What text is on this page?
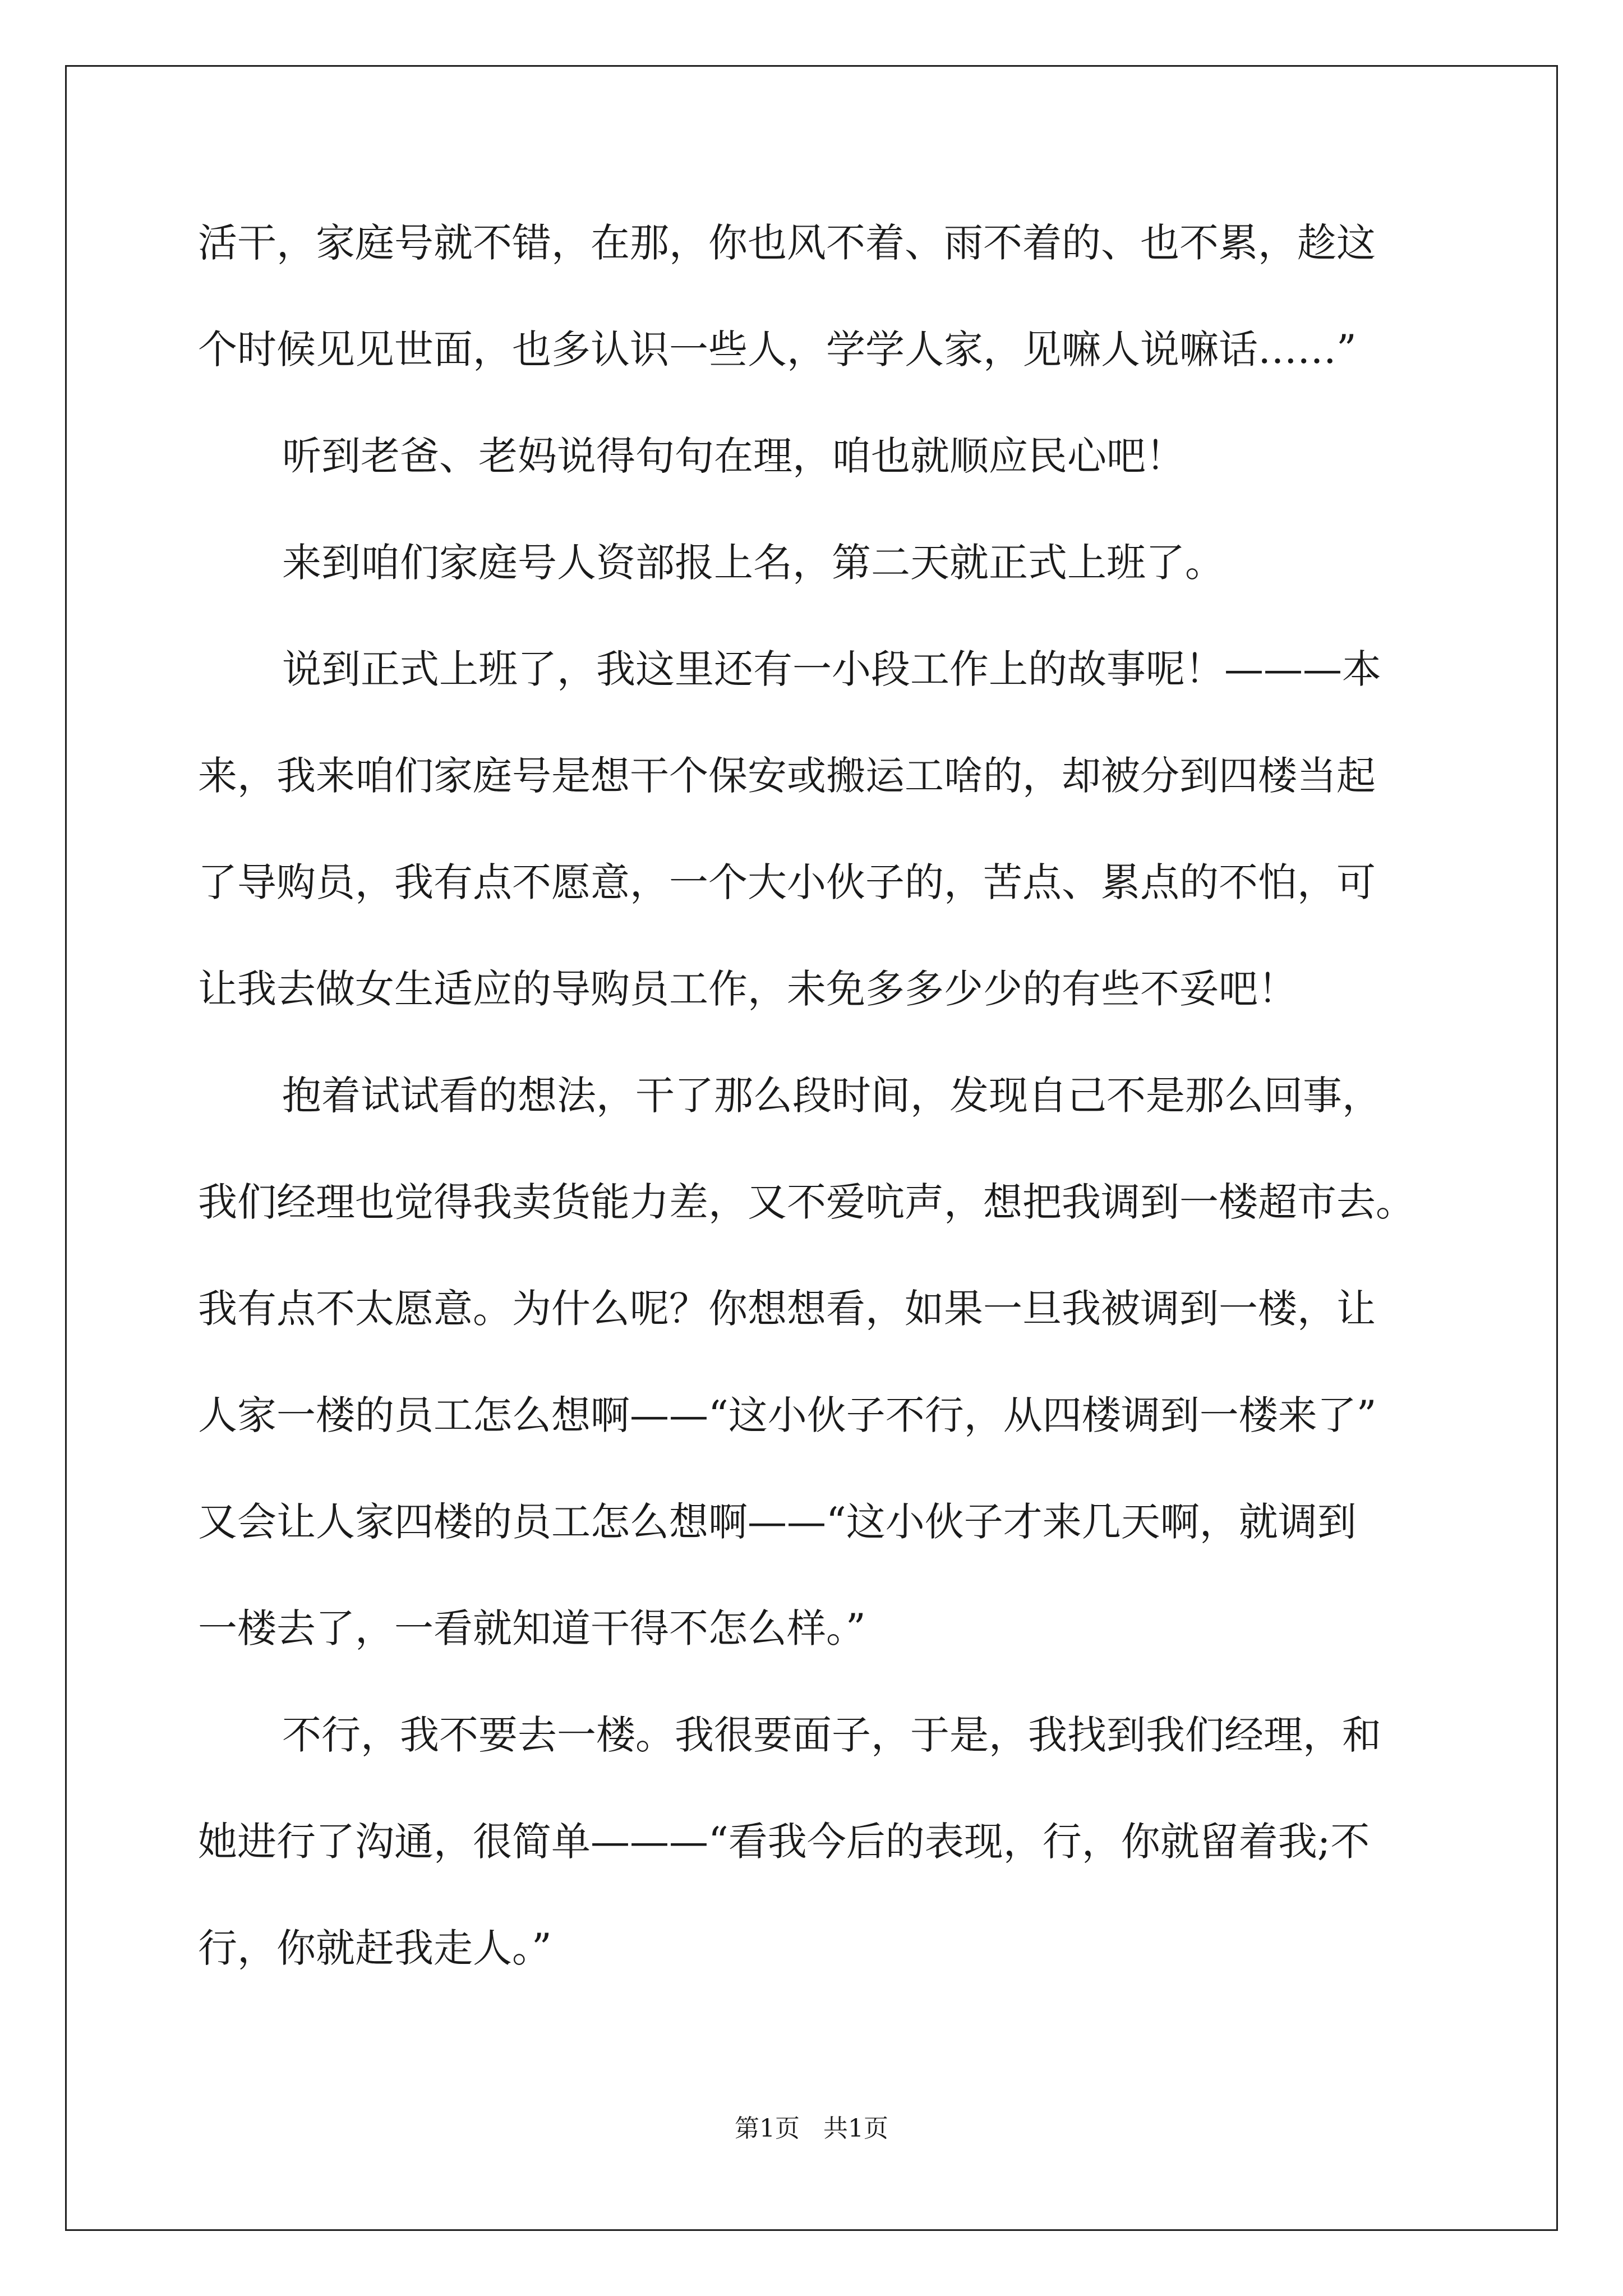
活干，家庭号就不错，在那，你也风不着、雨不着的、也不累，趁这
个时候见见世面，也多认识一些人，学学人家，见嘛人说嘛话……”
听到老爸、老妈说得句句在理，咱也就顺应民心吧！
来到咱们家庭号人资部报上名，第二天就正式上班了。
说到正式上班了，我这里还有一小段工作上的故事呢！———本
来，我来咱们家庭号是想干个保安或搬运工啥的，却被分到四楼当起
了导购员，我有点不愿意，一个大小伙子的，苦点、累点的不怕，可
让我去做女生适应的导购员工作，未免多多少少的有些不妥吧！
抱着试试看的想法，干了那么段时间，发现自己不是那么回事，
我们经理也觉得我卖货能力差，又不爱吭声，想把我调到一楼超市去。
我有点不太愿意。为什么呢？你想想看，如果一旦我被调到一楼，让
人家一楼的员工怎么想啊——“这小伙子不行，从四楼调到一楼来了”
又会让人家四楼的员工怎么想啊——“这小伙子才来几天啊，就调到
一楼去了，一看就知道干得不怎么样。”
不行，我不要去一楼。我很要面子，于是，我找到我们经理，和
她进行了沟通，很简单———“看我今后的表现，行，你就留着我;不
行，你就赶我走人。”
第1页   共1页
